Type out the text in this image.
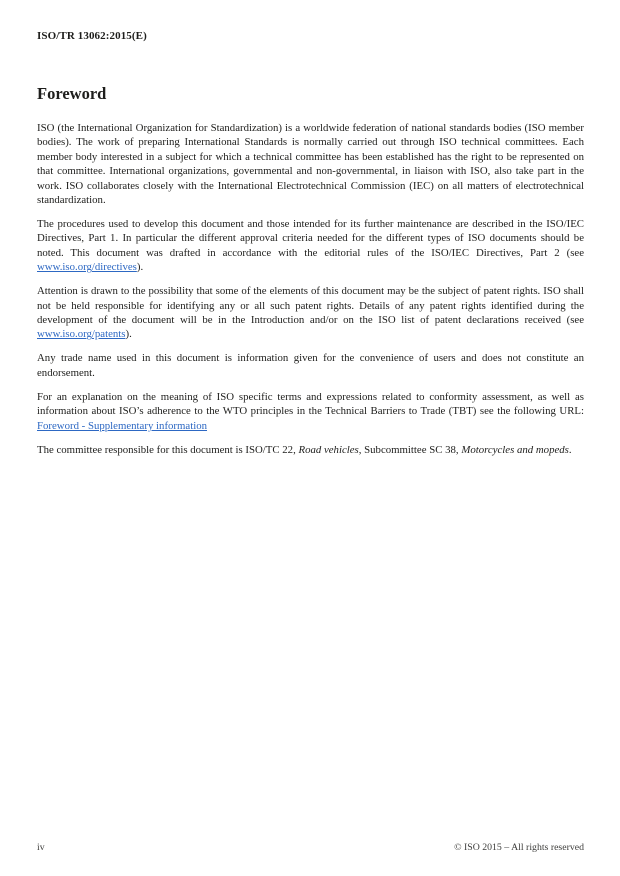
ISO/TR 13062:2015(E)
Foreword

ISO (the International Organization for Standardization) is a worldwide federation of national standards bodies (ISO member bodies). The work of preparing International Standards is normally carried out through ISO technical committees. Each member body interested in a subject for which a technical committee has been established has the right to be represented on that committee. International organizations, governmental and non-governmental, in liaison with ISO, also take part in the work. ISO collaborates closely with the International Electrotechnical Commission (IEC) on all matters of electrotechnical standardization.

The procedures used to develop this document and those intended for its further maintenance are described in the ISO/IEC Directives, Part 1. In particular the different approval criteria needed for the different types of ISO documents should be noted. This document was drafted in accordance with the editorial rules of the ISO/IEC Directives, Part 2 (see www.iso.org/directives).

Attention is drawn to the possibility that some of the elements of this document may be the subject of patent rights. ISO shall not be held responsible for identifying any or all such patent rights. Details of any patent rights identified during the development of the document will be in the Introduction and/or on the ISO list of patent declarations received (see www.iso.org/patents).

Any trade name used in this document is information given for the convenience of users and does not constitute an endorsement.

For an explanation on the meaning of ISO specific terms and expressions related to conformity assessment, as well as information about ISO’s adherence to the WTO principles in the Technical Barriers to Trade (TBT) see the following URL: Foreword - Supplementary information

The committee responsible for this document is ISO/TC 22, Road vehicles, Subcommittee SC 38, Motorcycles and mopeds.

iv	© ISO 2015 – All rights reserved
